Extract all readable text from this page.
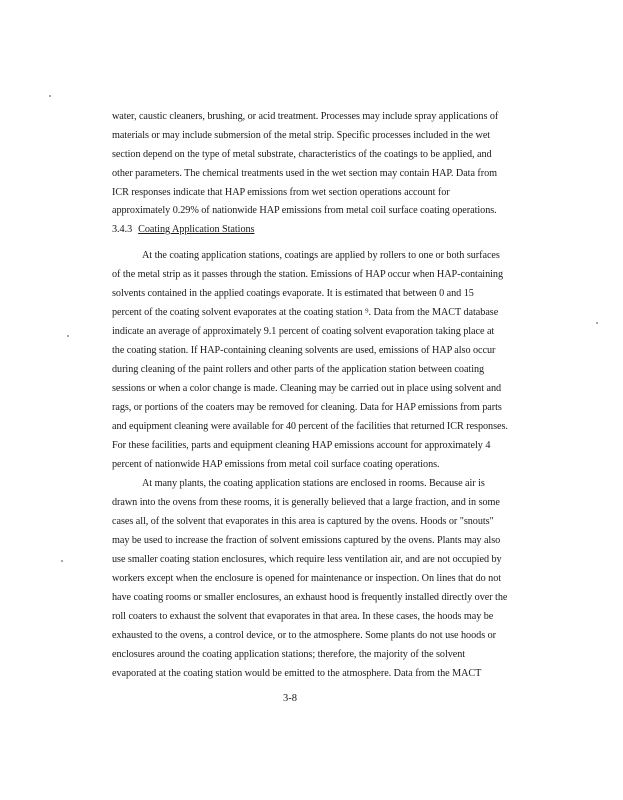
water, caustic cleaners, brushing, or acid treatment. Processes may include spray applications of
materials or may include submersion of the metal strip. Specific processes included in the wet
section depend on the type of metal substrate, characteristics of the coatings to be applied, and
other parameters. The chemical treatments used in the wet section may contain HAP. Data from
ICR responses indicate that HAP emissions from wet section operations account for
approximately 0.29% of nationwide HAP emissions from metal coil surface coating operations.
3.4.3 Coating Application Stations
At the coating application stations, coatings are applied by rollers to one or both surfaces
of the metal strip as it passes through the station. Emissions of HAP occur when HAP-containing
solvents contained in the applied coatings evaporate. It is estimated that between 0 and 15
percent of the coating solvent evaporates at the coating station ⁹. Data from the MACT database
indicate an average of approximately 9.1 percent of coating solvent evaporation taking place at
the coating station. If HAP-containing cleaning solvents are used, emissions of HAP also occur
during cleaning of the paint rollers and other parts of the application station between coating
sessions or when a color change is made. Cleaning may be carried out in place using solvent and
rags, or portions of the coaters may be removed for cleaning. Data for HAP emissions from parts
and equipment cleaning were available for 40 percent of the facilities that returned ICR responses.
For these facilities, parts and equipment cleaning HAP emissions account for approximately 4
percent of nationwide HAP emissions from metal coil surface coating operations.
At many plants, the coating application stations are enclosed in rooms. Because air is
drawn into the ovens from these rooms, it is generally believed that a large fraction, and in some
cases all, of the solvent that evaporates in this area is captured by the ovens. Hoods or "snouts"
may be used to increase the fraction of solvent emissions captured by the ovens. Plants may also
use smaller coating station enclosures, which require less ventilation air, and are not occupied by
workers except when the enclosure is opened for maintenance or inspection. On lines that do not
have coating rooms or smaller enclosures, an exhaust hood is frequently installed directly over the
roll coaters to exhaust the solvent that evaporates in that area. In these cases, the hoods may be
exhausted to the ovens, a control device, or to the atmosphere. Some plants do not use hoods or
enclosures around the coating application stations; therefore, the majority of the solvent
evaporated at the coating station would be emitted to the atmosphere. Data from the MACT
3-8
